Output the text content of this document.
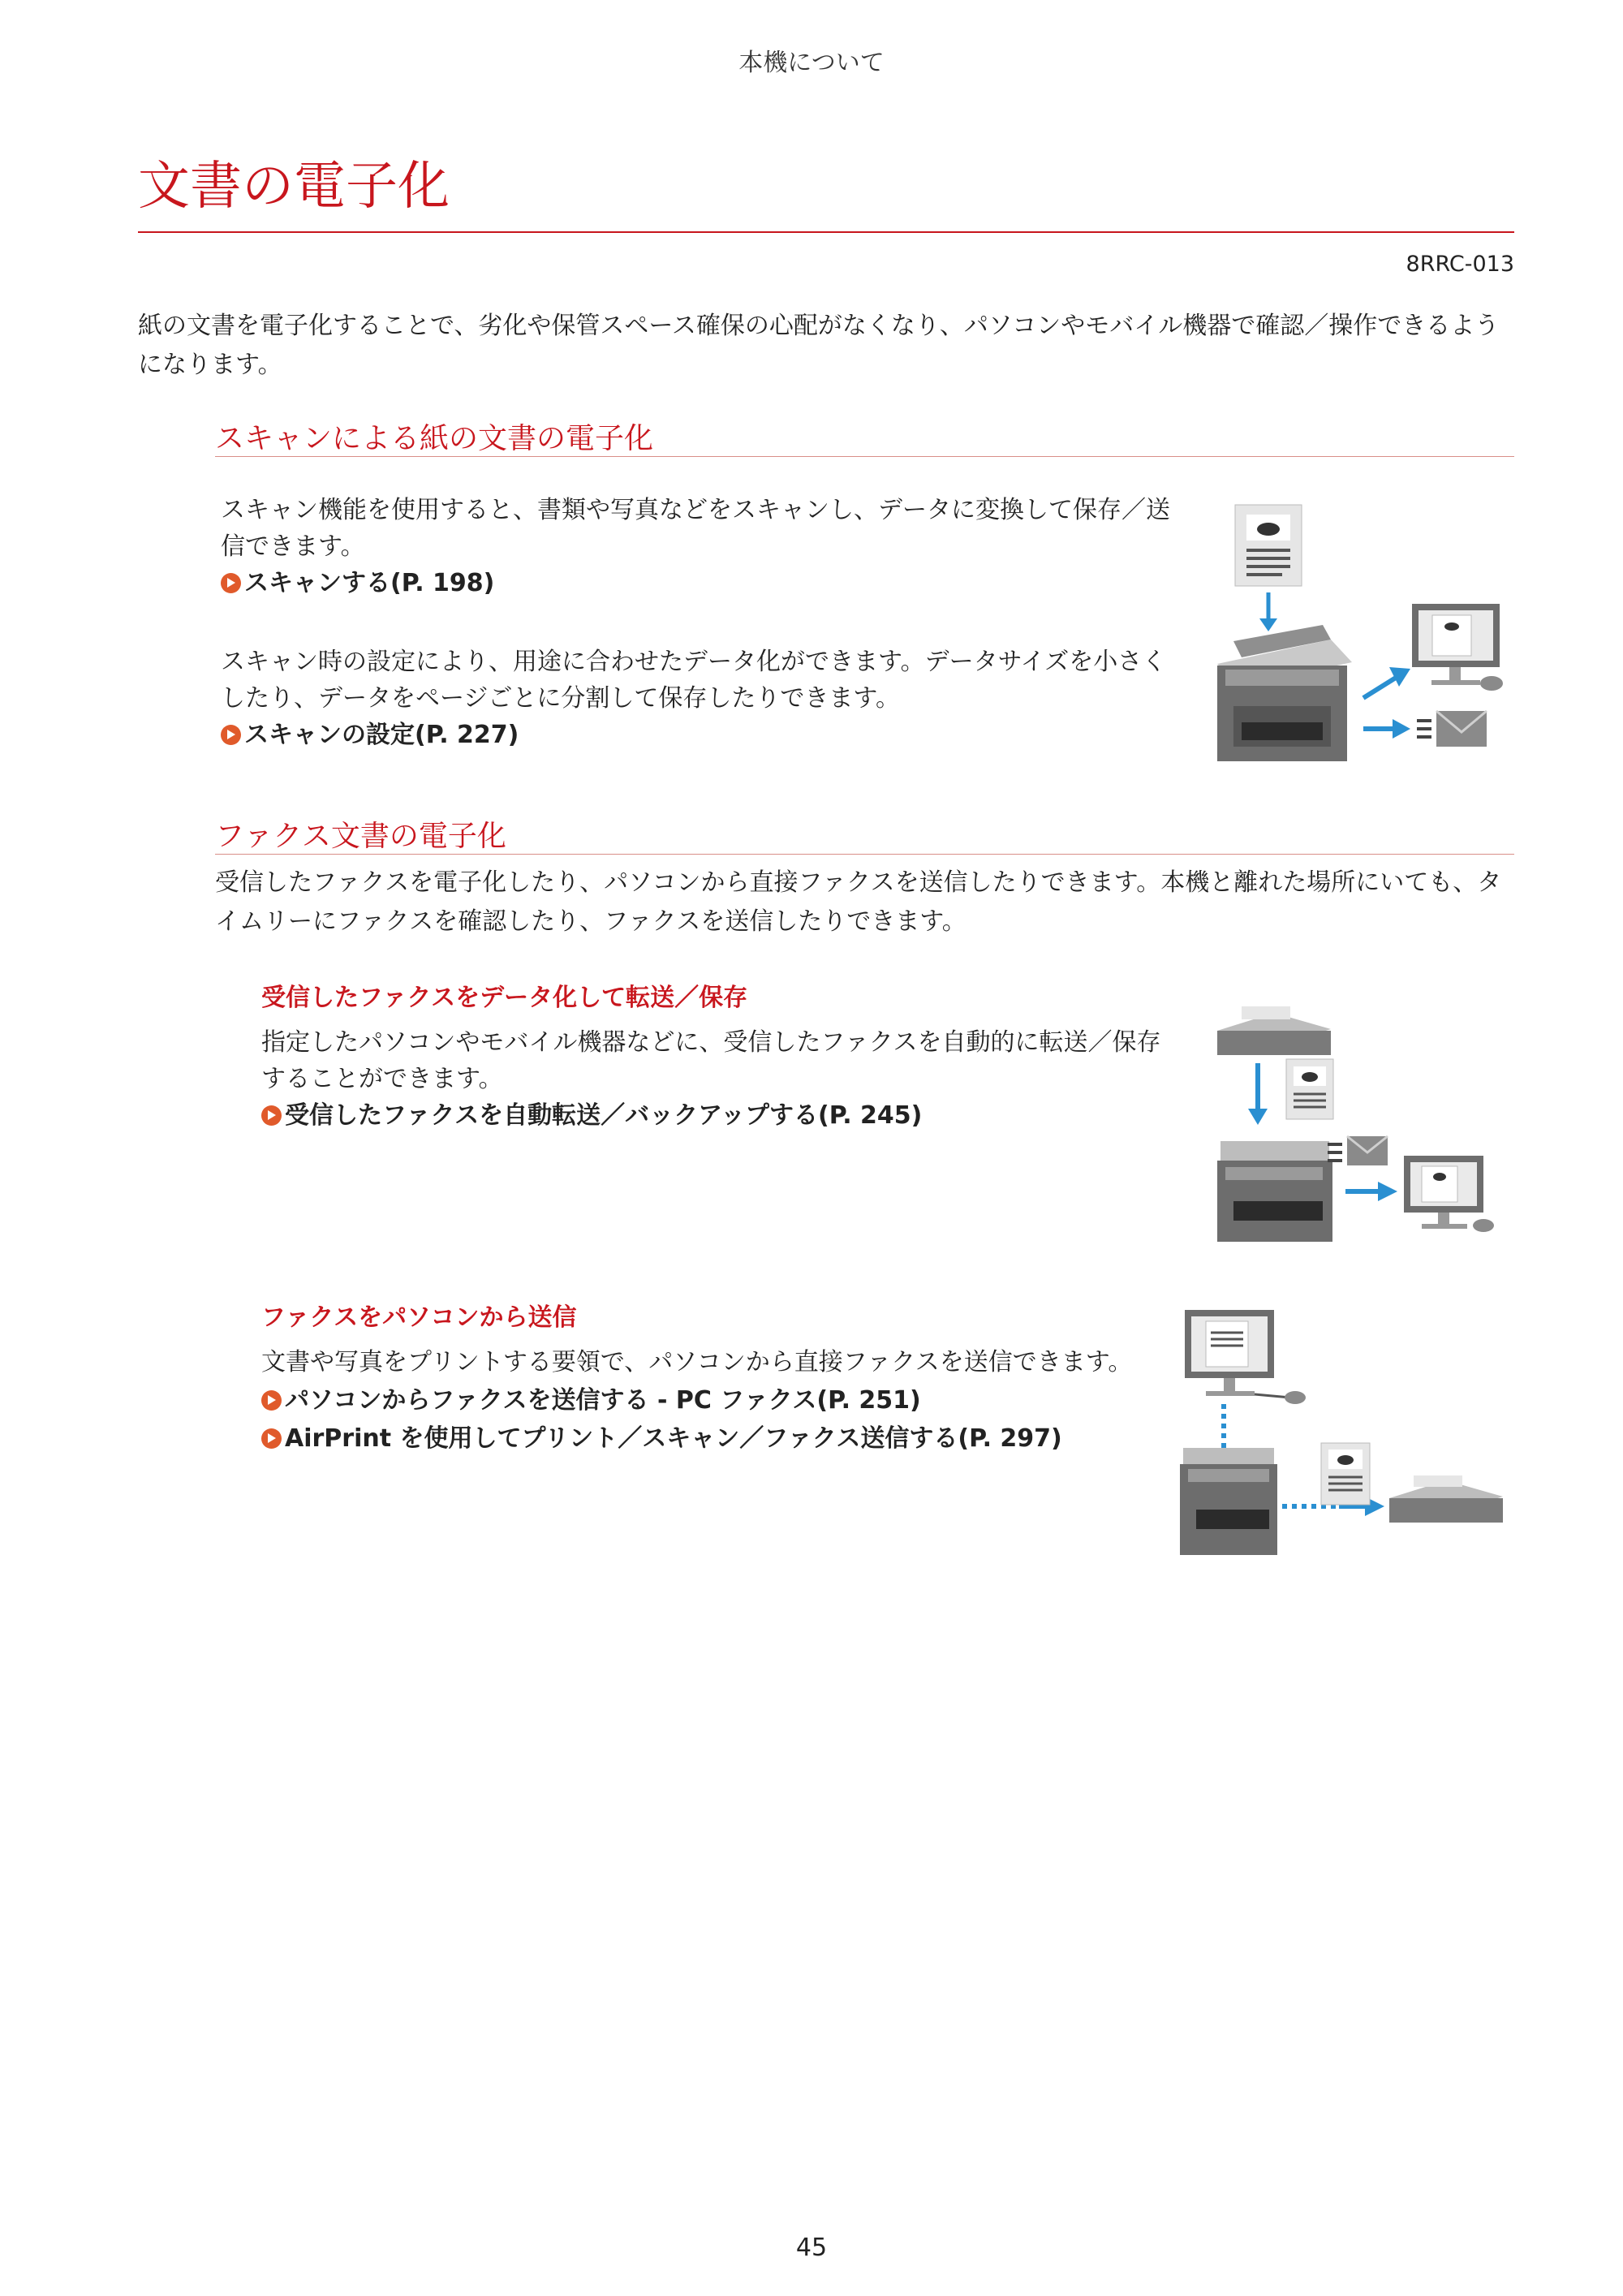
本機について
文書の電子化
8RRC-013
紙の文書を電子化することで、劣化や保管スペース確保の心配がなくなり、パソコンやモバイル機器で確認／操作できるようになります。
スキャンによる紙の文書の電子化
スキャン機能を使用すると、書類や写真などをスキャンし、データに変換して保存／送信できます。
スキャンする(P. 198)
スキャン時の設定により、用途に合わせたデータ化ができます。データサイズを小さくしたり、データをページごとに分割して保存したりできます。
スキャンの設定(P. 227)
ファクス文書の電子化
受信したファクスを電子化したり、パソコンから直接ファクスを送信したりできます。本機と離れた場所にいても、タイムリーにファクスを確認したり、ファクスを送信したりできます。
受信したファクスをデータ化して転送／保存
指定したパソコンやモバイル機器などに、受信したファクスを自動的に転送／保存することができます。
受信したファクスを自動転送／バックアップする(P. 245)
ファクスをパソコンから送信
文書や写真をプリントする要領で、パソコンから直接ファクスを送信できます。
パソコンからファクスを送信する - PC ファクス(P. 251)
AirPrint を使用してプリント／スキャン／ファクス送信する(P. 297)
45
